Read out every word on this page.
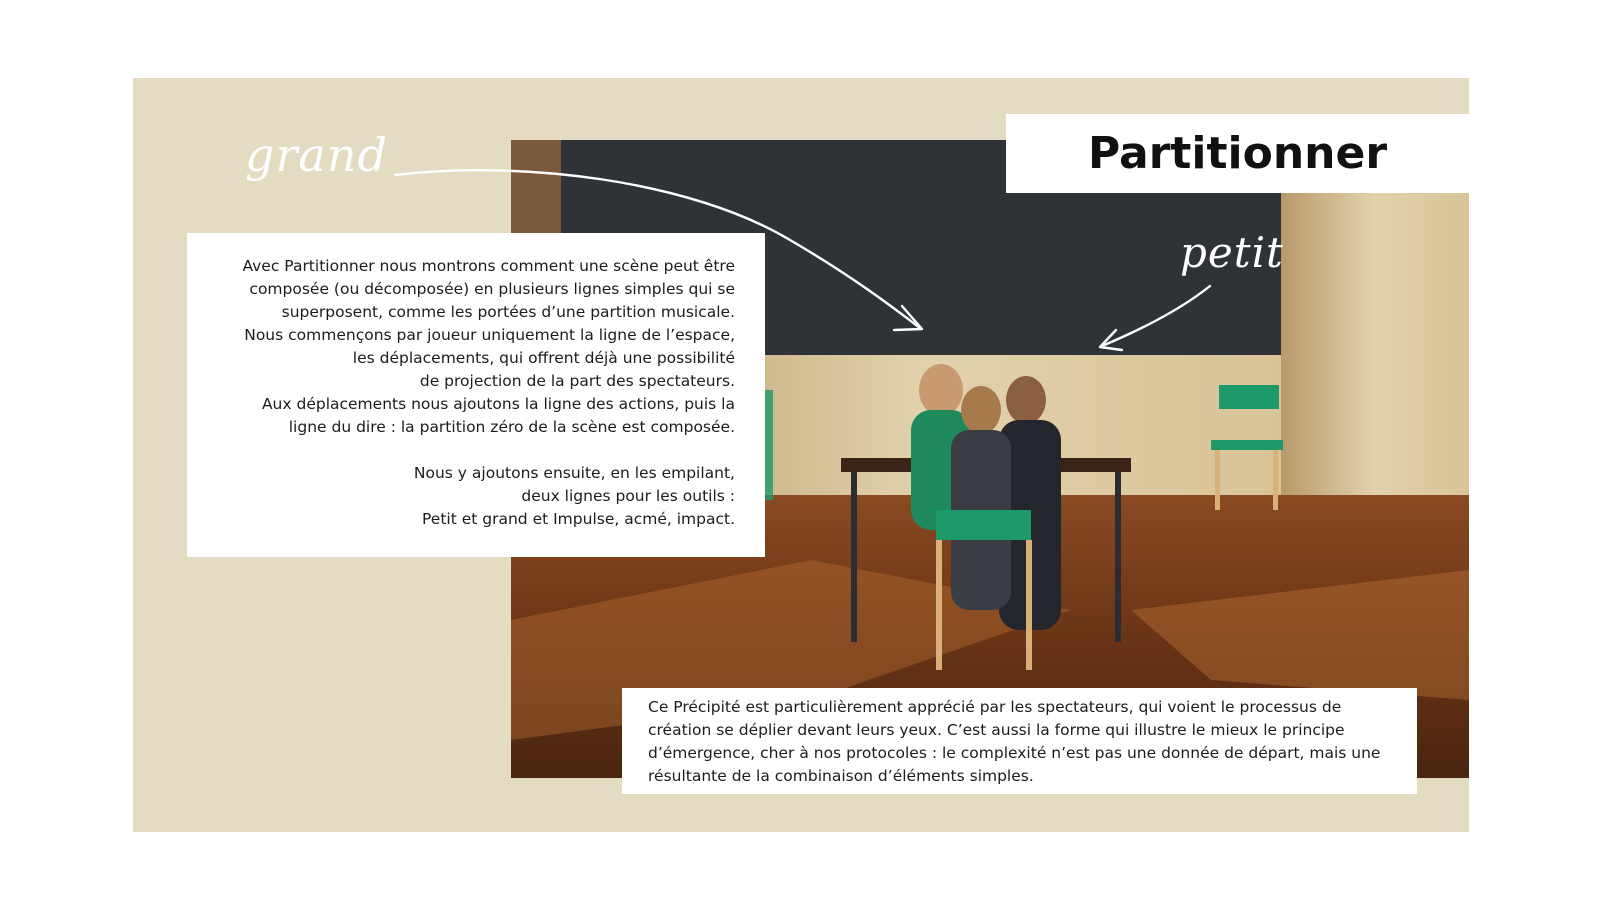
Partitionner
Avec Partitionner nous montrons comment une scène peut être
composée (ou décomposée) en plusieurs lignes simples qui se
superposent, comme les portées d’une partition musicale.
Nous commençons par joueur uniquement la ligne de l’espace,
les déplacements, qui offrent déjà une possibilité
de projection de la part des spectateurs.
Aux déplacements nous ajoutons la ligne des actions, puis la
ligne du dire : la partition zéro de la scène est composée.
Nous y ajoutons ensuite, en les empilant,
deux lignes pour les outils :
Petit et grand et Impulse, acmé, impact.
Ce Précipité est particulièrement apprécié par les spectateurs, qui voient le processus de
création se déplier devant leurs yeux. C’est aussi la forme qui illustre le mieux le principe
d’émergence, cher à nos protocoles : le complexité n’est pas une donnée de départ, mais une
résultante de la combinaison d’éléments simples.
grand
petit
